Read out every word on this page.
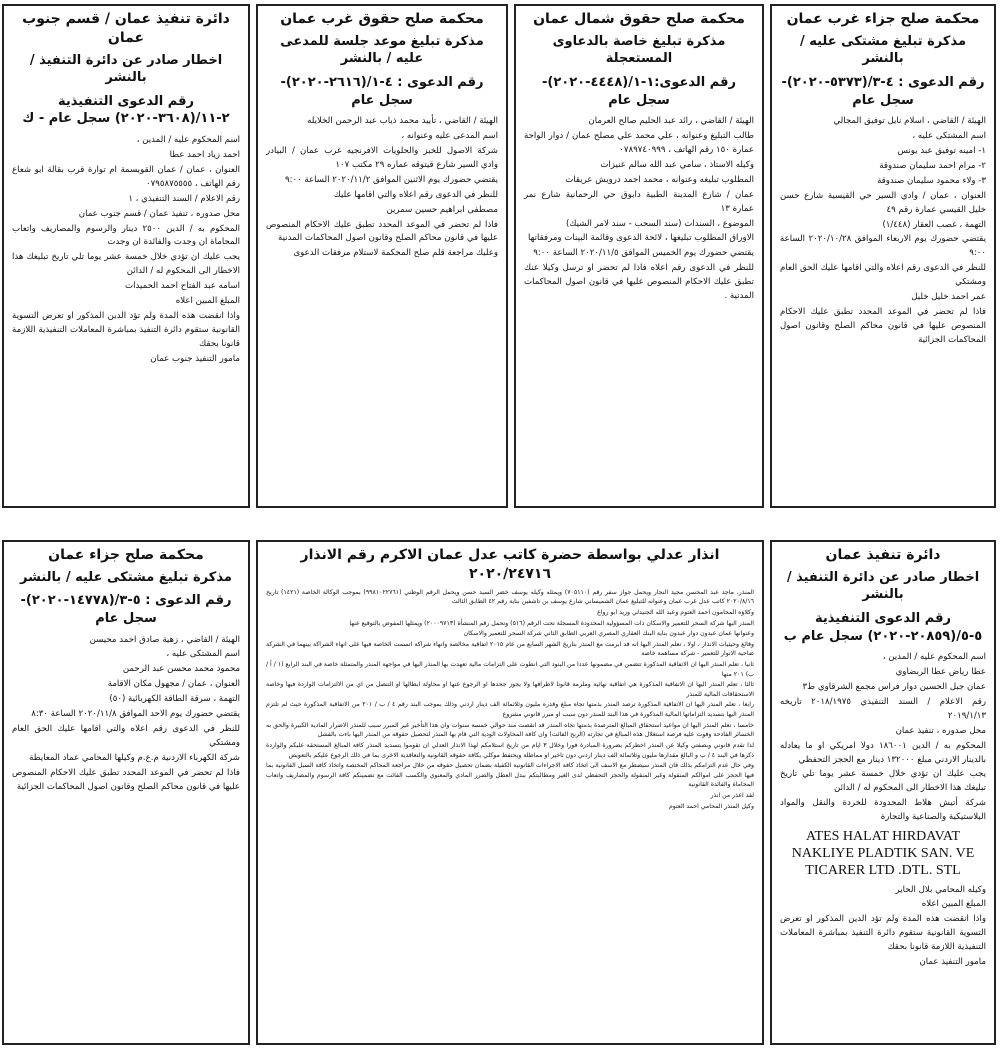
محكمة صلح جزاء غرب عمان
مذكرة تبليغ مشتكى عليه / بالنشر
رقم الدعوى : ٤-٣/(٥٣٧٣-٢٠٢٠)- سجل عام

الهيئة / القاضي ، اسلام نايل توفيق المجالي

اسم المشتكى عليه ،

١- امينه توفيق عبد يونس

٢- مرام احمد سليمان صندوقة

٣- ولاء محمود سليمان صندوقة

العنوان ، عمان / وادي السير حي القيسية شارع حسن خليل القيسي عمارة رقم ٤٩

التهمة ، غصب العقار (١/٤٤٨)

يقتضي حضورك يوم الاربعاء الموافق ٢٠٢٠/١٠/٢٨ الساعة ٩:٠٠

للنظر في الدعوى رقم اعلاه والتي اقامها عليك الحق العام ومشتكي

عمر احمد خليل خليل

فاذا لم تحضر في الموعد المحدد تطبق عليك الاحكام المنصوص عليها في قانون محاكم الصلح وقانون اصول المحاكمات الجزائية

محكمة صلح حقوق شمال عمان
مذكرة تبليغ خاصة بالدعاوى المستعجلة
رقم الدعوى:١-١/(٤٤٤٨-٢٠٢٠)- سجل عام

الهيئة / القاضي ، رائد عبد الحليم صالح العرمان

طالب التبليغ وعنوانه ، علي محمد علي مصلح عمان / دوار الواحة عمارة ١٥٠ رقم الهاتف ، ٠٧٨٩٧٤٠٩٩٩

وكيله الاستاذ ، سامي عبد الله سالم عنيزات

المطلوب تبليغه وعنوانه ، محمد احمد درويش عريقات

عمان / شارع المدينة الطبية دابوق حي الرحمانية شارع نمر عمارة ١٣

الموضوع ، السندات (سند السحب - سند لامر الشيك)

الاوراق المطلوب تبليغها ، لائحة الدعوى وقائمة البينات ومرفقاتها

يقتضي حضورك يوم الخميس الموافق ٢٠٢٠/١١/٥ الساعة ٩:٠٠

للنظر في الدعوى رقم اعلاه فاذا لم تحضر او ترسل وكيلا عنك تطبق عليك الاحكام المنصوص عليها في قانون اصول المحاكمات المدنية .

محكمة صلح حقوق غرب عمان
مذكرة تبليغ موعد جلسة للمدعى عليه / بالنشر
رقم الدعوى : ٤-١/(٢٦١٦-٢٠٢٠)- سجل عام

الهيئة / القاضي ، تأييد محمد ذياب عبد الرحمن الخلايله

اسم المدعى عليه وعنوانه ،

شركة الاصول للخبز والحلويات الافرنجيه غرب عمان / البيادر وادي السير شارع قيتوقه عماره ٢٩ مكتب ١٠٧

يقتضي حضورك يوم الاثنين الموافق ٢٠٢٠/١١/٢ الساعة ٩:٠٠

للنظر في الدعوى رقم اعلاه والتي اقامها عليك

مصطفى ابراهيم حسين سمرين

فاذا لم تحضر في الموعد المحدد تطبق عليك الاحكام المنصوص عليها في قانون محاكم الصلح وقانون اصول المحاكمات المدنية

وعليك مراجعة قلم صلح المحكمة لاستلام مرفقات الدعوى

دائرة تنفيذ عمان / قسم جنوب عمان
اخطار صادر عن دائرة التنفيذ / بالنشر
رقم الدعوى التنفيذية ٢-١١/(٣٦٠٨-٢٠٢٠) سجل عام - ك

اسم المحكوم عليه / المدين ،

احمد زياد احمد عطا

العنوان ، عمان / عمان القويسمة ام توارة قرب بقالة ابو شعاع رقم الهاتف ، ٠٧٩٥٨٧٥٥٥٥

رقم الاعلام / السند التنفيذي ، ١

محل صدوره ، تنفيذ عمان / قسم جنوب عمان

المحكوم به / الدين ٢٥٠٠ دينار والرسوم والمصاريف واتعاب المحاماة ان وجدت والفائدة ان وجدت

يجب عليك ان تؤدي خلال خمسة عشر يوما تلي تاريخ تبليغك هذا الاخطار الى المحكوم له / الدائن

اسامه عبد الفتاح احمد الحميدات

المبلغ المبين اعلاه

واذا انقضت هذه المدة ولم تؤد الدين المذكور او تعرض التسوية القانونية ستقوم دائرة التنفيذ بمباشرة المعاملات التنفيذية اللازمة قانونا بحقك

مامور التنفيذ جنوب عمان

دائرة تنفيذ عمان
اخطار صادر عن دائرة التنفيذ / بالنشر
رقم الدعوى التنفيذية ٥-٥/(٢٠٨٥٩-٢٠٢٠) سجل عام ب

اسم المحكوم عليه / المدين ،

عطا رياض عطا الربضاوي

عمان جبل الحسين دوار فراس مجمع الشرقاوي ط٣

رقم الاعلام / السند التنفيذي ٢٠١٨/١٩٧٥ تاريخه ٢٠١٩/١/١٣

محل صدوره ، تنفيذ عمان

المحكوم به / الدين ١٨٦٠٠١ دولا امريكي او ما يعادله بالدينار الاردني مبلغ ١٣٢٠٠٠ دينار مع الحجز التحفظي

يجب عليك ان تؤدي خلال خمسة عشر يوما تلي تاريخ تبليغك هذا الاخطار الى المحكوم له / الدائن

شركة أتيش هلاط المحدودة للخردة والنقل والمواد البلاستيكية والصناعية والتجارة

ATES HALAT HIRDAVAT NAKLIYE PLADTIK SAN. VE TICARER LTD .DTL. STL

وكيله المحامي بلال الحاير

المبلغ المبين اعلاه

واذا انقضت هذه المدة ولم تؤد الدين المذكور او تعرض التسوية القانونية ستقوم دائرة التنفيذ بمباشرة المعاملات التنفيذية اللازمة قانونا بحقك

مامور التنفيذ عمان

انذار عدلي بواسطة حضرة كاتب عدل عمان الاكرم رقم الانذار ٢٠٢٠/٢٤٧١٦

المنذر، ماجد عبد المحسن مجيد النجار ويحمل جواز سفر رقم (٧٠٥١١٠) ويمثله وكيله يوسف خضر السيد حسن ويحمل الرقم الوطني (٩٩٨١٠٢٢٧٦١) بموجب الوكالة الخاصة (١٤٢١) تاريخ ٢٠٢٠/٨/١٦ كاتب عدل غرب عمان وعنوانه للتبليغ عمان الشميساني شارع يوسف بن تاشفين بناية رقم ٤٢ الطابق الثالث

وكلاؤه المحامون احمد العتوم وعبد الله الجنيدلي وزيد ابو رواع

المنذر اليها شركة السحر للتعمير والاسكان ذات المسؤولية المحدودة المسجلة تحت الرقم (٥١٦) وتحمل رقم المنشأة (٢٠٠٠٩٧١٣) ويمثلها المفوض بالتوقيع عنها

وعنوانها عمان عبدون دوار عبدون بناية البنك العقاري المصري العربي الطابق الثاني شركة السحر للتعمير والاسكان

وقائع وحيثيات الانذار ، اولا ، تعلم المنذر اليها انه قد ابرمت مع المنذر بتاريخ الشهر السابع من عام ٢٠١٥ اتفاقية مخالصة وانهاء شراكة اتسمت الخاصة فيها على انهاء الشراكة بينهما في الشركة ضاحية الانوار للتعمير - شركة مساهمة خاصة

ثانيا ، تعلم المنذر اليها ان الاتفاقية المذكورة تتضمن في مضمونها عددا من البنود التي انطوت على التزامات مالية تعهدت بها المنذر اليها في مواجهة المنذر والمتمثلة خاصة في البند الرابع (١ / أ / ب) ٢٠١ منها

ثالثا ، تعلم المنذر اليها ان الاتفاقية المذكورة هي اتفاقية نهائية وملزمة قانونا لاطرافها ولا يجوز جحدها او الرجوع عنها او محاولة ابطالها او التنصل من اي من الالتزامات الواردة فيها وخاصة الاستحقاقات المالية للمنذر

رابعا ، تعلم المنذر اليها ان الاتفاقية المذكورة ترصد المنذر بذمتها تجاه مبلغ وقدره مليون وثلاثمائة الف دينار اردني وذلك بموجب البند رقم ٤ / ب / ٢٠١ من الاتفاقية المذكورة حيث لم تلتزم المنذر اليها بتسديد التزاماتها المالية المذكورة في هذا البند للمنذر دون سبب او مبرر قانوني مشروع

خامسا ، تعلم المنذر اليها ان مواعيد استحقاق المبالغ المترصدة بذمتها تجاه المنذر قد انقضت منذ حوالي خمسة سنوات وان هذا التأخير غير المبرر سبب للمنذر الاضرار المادية الكبيرة والحق به الخسائر الفادحة وفوت عليه فرصة استغلال هذه المبالغ في تجارته (الربح الفائت) وان كافة المحاولات الودية التي قام بها المنذر لتحصيل حقوقه من المنذر اليها باءت بالفشل

لذا تقدم قانوني وبصفتي وكيلا عن المنذر اخطركم بضرورة المبادرة فورا وخلال ٣ ايام من تاريخ استلامكم لهذا الانذار العدلي ان تقوموا بتسديد المنذر كافة المبالغ المستحقة عليكم والواردة ذكرها في البند ٤ / ب و البالغ مقدارها مليون وثلاثمائة الف دينار اردني دون تاخير او مماطلة ويحتفظ موكلي بكافة حقوقه القانونية والتعاقدية الاخرى بما في ذلك الرجوع عليكم بالتعويض

وفي حال عدم التزامكم بذلك فان المنذر سيضطر مع الاسف الى اتخاذ كافة الاجراءات القانونية الكفيلة بضمان تحصيل حقوقه من خلال مراجعة المحاكم المختصة واتخاذ كافة السبل القانونية بما فيها الحجز على اموالكم المنقولة وغير المنقولة والحجز التحفظي لدى الغير ومطالبتكم ببدل العطل والضرر المادي والمعنوي والكسب الفائت مع تضمينكم كافة الرسوم والمصاريف واتعاب المحاماة والفائدة القانونية

لقد اعذر من انذر

وكيل المنذر المحامي احمد العتوم

محكمة صلح جزاء عمان
مذكرة تبليغ مشتكى عليه / بالنشر
رقم الدعوى : ٥-٣/(١٤٧٧٨-٢٠٢٠)- سجل عام

الهيئة / القاضي ، زهية صادق احمد محيسن

اسم المشتكى عليه ،

محمود محمد محسن عبد الرحمن

العنوان ، عمان / مجهول مكان الاقامة

التهمة ، سرقة الطاقة الكهربائية (٥٠)

يقتضي حضورك يوم الاحد الموافق ٢٠٢٠/١١/٨ الساعة ٨:٣٠

للنظر في الدعوى رقم اعلاه والتي اقامها عليك الحق العام ومشتكي

شركة الكهرباء الاردنية م.ع.م وكيلها المحامي عماد المعايطة

فاذا لم تحضر في الموعد المحدد تطبق عليك الاحكام المنصوص عليها في قانون محاكم الصلح وقانون اصول المحاكمات الجزائية
